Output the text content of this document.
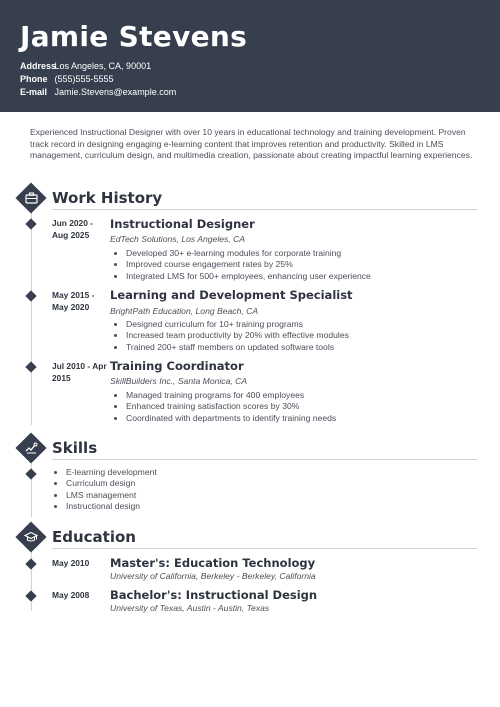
Jamie Stevens
Address Los Angeles, CA, 90001
Phone (555)555-5555
E-mail Jamie.Stevens@example.com

Experienced Instructional Designer with over 10 years in educational technology and training development. Proven track record in designing engaging e-learning content that improves retention and productivity. Skilled in LMS management, curriculum design, and multimedia creation, passionate about creating impactful learning experiences.

Work History
Jun 2020 - Aug 2025
Instructional Designer
EdTech Solutions, Los Angeles, CA
• Developed 30+ e-learning modules for corporate training
• Improved course engagement rates by 25%
• Integrated LMS for 500+ employees, enhancing user experience
May 2015 - May 2020
Learning and Development Specialist
BrightPath Education, Long Beach, CA
• Designed curriculum for 10+ training programs
• Increased team productivity by 20% with effective modules
• Trained 200+ staff members on updated software tools
Jul 2010 - Apr 2015
Training Coordinator
SkillBuilders Inc., Santa Monica, CA
• Managed training programs for 400 employees
• Enhanced training satisfaction scores by 30%
• Coordinated with departments to identify training needs
Skills
• E-learning development
• Curriculum design
• LMS management
• Instructional design
Education
May 2010	Master's: Education Technology
University of California, Berkeley - Berkeley, California
May 2008	Bachelor's: Instructional Design
University of Texas, Austin - Austin, Texas
